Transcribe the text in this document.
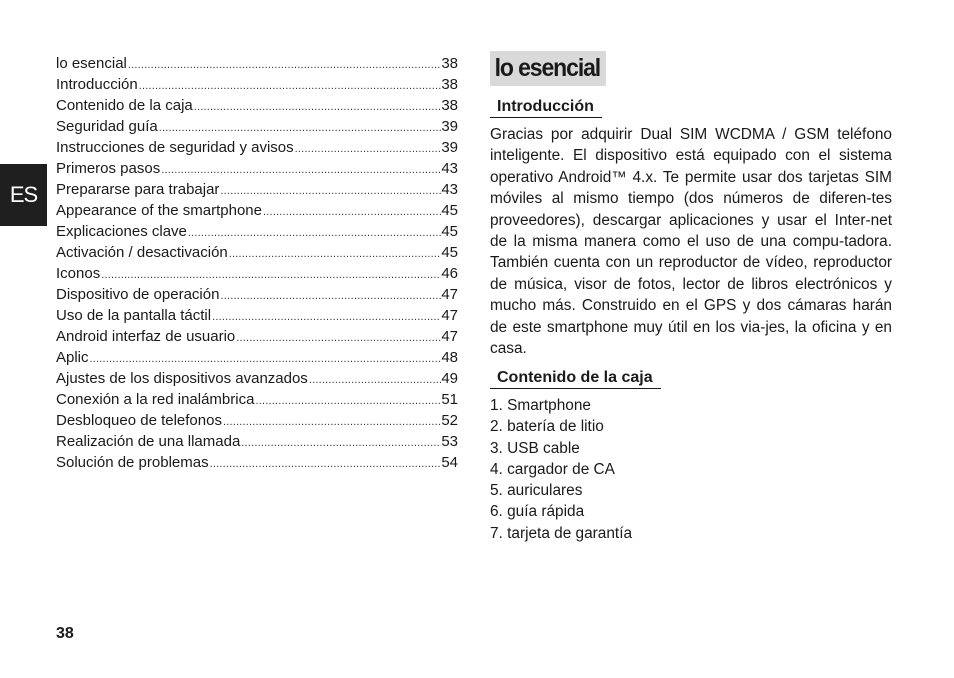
ES
lo esencial .....	38
Introducción .....	38
Contenido de la caja .....	38
Seguridad guía .....	39
Instrucciones de seguridad y avisos .....	39
Primeros pasos .....	43
Prepararse para trabajar .....	43
Appearance of the smartphone .....	45
Explicaciones clave .....	45
Activación / desactivación .....	45
Iconos .....	46
Dispositivo de operación .....	47
Uso de la pantalla táctil .....	47
Android interfaz de usuario .....	47
Aplic .....	48
Ajustes de los dispositivos avanzados .....	49
Conexión a la red inalámbrica .....	51
Desbloqueo de telefonos .....	52
Realización de una llamada .....	53
Solución de problemas .....	54
38
lo esencial
Introducción

Gracias por adquirir Dual SIM WCDMA / GSM teléfono inteligente. El dispositivo está equipado con el sistema operativo Android™ 4.x. Te permite usar dos tarjetas SIM móviles al mismo tiempo (dos números de diferen-tes proveedores), descargar aplicaciones y usar el Inter-net de la misma manera como el uso de una compu-tadora. También cuenta con un reproductor de vídeo, reproductor de música, visor de fotos, lector de libros electrónicos y mucho más. Construido en el GPS y dos cámaras harán de este smartphone muy útil en los via-jes, la oficina y en casa.

Contenido de la caja
1. Smartphone
2. batería de litio
3. USB cable
4. cargador de CA
5. auriculares
6. guía rápida
7. tarjeta de garantía
